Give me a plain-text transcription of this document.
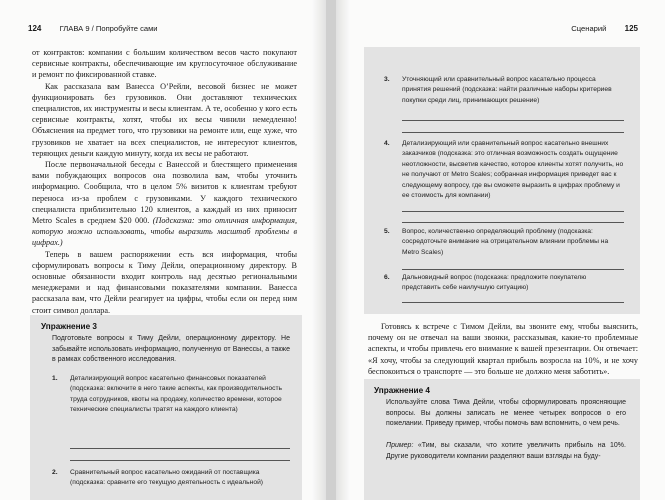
124 ГЛАВА 9 / Попробуйте сами

от контрактов: компании с большим количеством весов часто покупают сервисные контракты, обеспечивающие им круглосуточное обслуживание и ремонт по фиксированной ставке.

Как рассказала вам Ванесса О’Рейли, весовой бизнес не может функционировать без грузовиков. Они доставляют технических специалистов, их инструменты и весы клиентам. А те, особенно у кого есть сервисные контракты, хотят, чтобы их весы чинили немедленно! Объяснения на предмет того, что грузовики на ремонте или, еще хуже, что грузовиков не хватает на всех специалистов, не интересуют клиентов, теряющих деньги каждую минуту, когда их весы не работают.

После первоначальной беседы с Ванессой и блестящего применения вами побуждающих вопросов она позволила вам, чтобы уточнить информацию. Сообщила, что в целом 5% визитов к клиентам требуют переноса из-за проблем с грузовиками. У каждого технического специалиста приблизительно 120 клиентов, а каждый из них приносит Metro Scales в среднем $20 000. (Подсказка: это отличная информация, которую можно использовать, чтобы выразить масштаб проблемы в цифрах.)

Теперь в вашем распоряжении есть вся информация, чтобы сформулировать вопросы к Тиму Дейли, операционному директору. В основные обязанности входит контроль над десятью региональными менеджерами и над финансовыми показателями компании. Ванесса рассказала вам, что Дейли реагирует на цифры, чтобы если он перед ним стоит символ доллара.

Упражнение 3
Подготовьте вопросы к Тиму Дейли, операционному директору. Не забывайте использовать информацию, полученную от Ванессы, а также в рамках собственного исследования.
1. Детализирующий вопрос касательно финансовых показателей (подсказка: включите в него такие аспекты, как производительность труда сотрудников, квоты на продажу, количество времени, которое технические специалисты тратят на каждого клиента)
2. Сравнительный вопрос касательно ожиданий от поставщика (подсказка: сравните его текущую деятельность с идеальной)
Сценарий 125
3. Уточняющий или сравнительный вопрос касательно процесса принятия решений (подсказка: найти различные наборы критериев покупки среди лиц, принимающих решение)
4. Детализирующий или сравнительный вопрос касательно внешних заказчиков (подсказка: это отличная возможность создать ощущение неотложности, высветив качество, которое клиенты хотят получить, но не получают от Metro Scales; собранная информация приведет вас к следующему вопросу, где вы сможете выразить в цифрах проблему и ее стоимость для компании)
5. Вопрос, количественно определяющий проблему (подсказка: сосредоточьте внимание на отрицательном влиянии проблемы на Metro Scales)
6. Дальновидный вопрос (подсказка: предложите покупателю представить себе наилучшую ситуацию)

Готовясь к встрече с Тимом Дейли, вы звоните ему, чтобы выяснить, почему он не отвечал на ваши звонки, рассказывая, какие-то проблемные аспекты, и чтобы привлечь его внимание к вашей презентации. Он отвечает: «Я хочу, чтобы за следующий квартал прибыль возросла на 10%, и не хочу беспокоиться о транспорте — это больше не должно меня заботить».

Упражнение 4
Используйте слова Тима Дейли, чтобы сформулировать проясняющие вопросы. Вы должны записать не менее четырех вопросов о его пожелании. Приведу пример, чтобы помочь вам вспомнить, о чем речь.
Пример: «Тим, вы сказали, что хотите увеличить прибыль на 10%. Другие руководители компании разделяют ваши взгляды на буду-
